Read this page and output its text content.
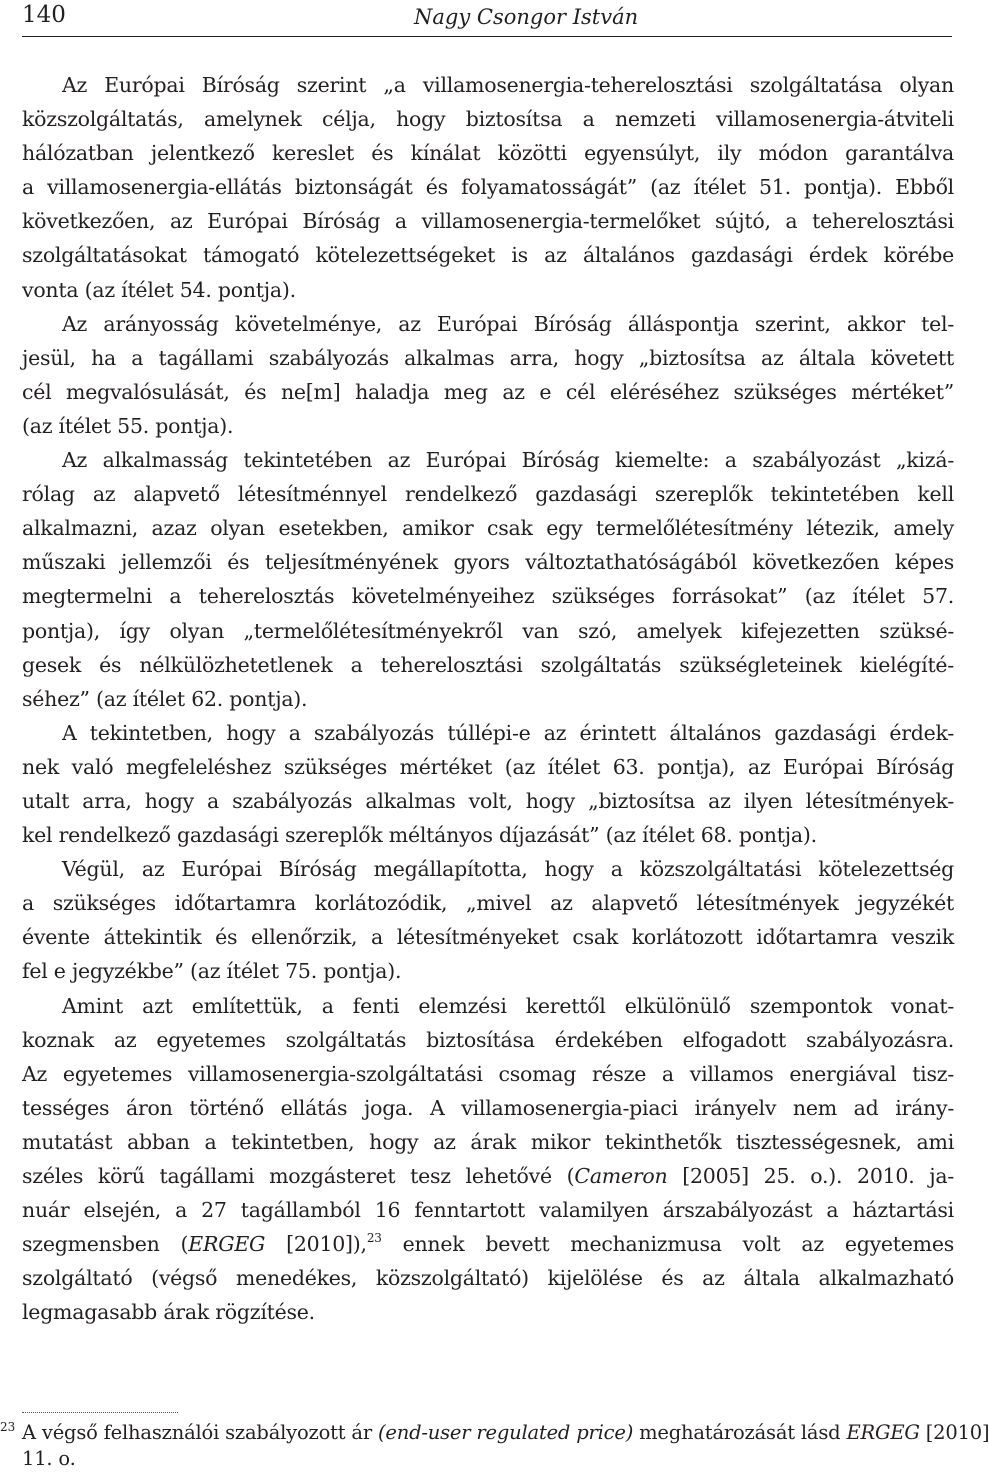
140	Nagy Csongor István
Az Európai Bíróság szerint „a villamosenergia-teherelosztási szolgáltatása olyan
közszolgáltatás, amelynek célja, hogy biztosítsa a nemzeti villamosenergia-átviteli
hálózatban jelentkező kereslet és kínálat közötti egyensúlyt, ily módon garantálva
a villamosenergia-ellátás biztonságát és folyamatosságát” (az ítélet 51. pontja). Ebből
következően, az Európai Bíróság a villamosenergia-termelőket sújtó, a teherelosztási
szolgáltatásokat támogató kötelezettségeket is az általános gazdasági érdek körébe
vonta (az ítélet 54. pontja).
Az arányosság követelménye, az Európai Bíróság álláspontja szerint, akkor tel-
jesül, ha a tagállami szabályozás alkalmas arra, hogy „biztosítsa az általa követett
cél megvalósulását, és ne[m] haladja meg az e cél eléréséhez szükséges mértéket”
(az ítélet 55. pontja).
Az alkalmasság tekintetében az Európai Bíróság kiemelte: a szabályozást „kizá-
rólag az alapvető létesítménnyel rendelkező gazdasági szereplők tekintetében kell
alkalmazni, azaz olyan esetekben, amikor csak egy termelőlétesítmény létezik, amely
műszaki jellemzői és teljesítményének gyors változtathatóságából következően képes
megtermelni a teherelosztás követelményeihez szükséges forrásokat” (az ítélet 57.
pontja), így olyan „termelőlétesítményekről van szó, amelyek kifejezetten szüksé-
gesek és nélkülözhetetlenek a teherelosztási szolgáltatás szükségleteinek kielégíté-
séhez” (az ítélet 62. pontja).
A tekintetben, hogy a szabályozás túllépi-e az érintett általános gazdasági érdek-
nek való megfeleléshez szükséges mértéket (az ítélet 63. pontja), az Európai Bíróság
utalt arra, hogy a szabályozás alkalmas volt, hogy „biztosítsa az ilyen létesítmények-
kel rendelkező gazdasági szereplők méltányos díjazását” (az ítélet 68. pontja).
Végül, az Európai Bíróság megállapította, hogy a közszolgáltatási kötelezettség
a szükséges időtartamra korlátozódik, „mivel az alapvető létesítmények jegyzékét
évente áttekintik és ellenőrzik, a létesítményeket csak korlátozott időtartamra veszik
fel e jegyzékbe” (az ítélet 75. pontja).
Amint azt említettük, a fenti elemzési kerettől elkülönülő szempontok vonat-
koznak az egyetemes szolgáltatás biztosítása érdekében elfogadott szabályozásra.
Az egyetemes villamosenergia-szolgáltatási csomag része a villamos energiával tisz-
tességes áron történő ellátás joga. A villamosenergia-piaci irányelv nem ad irány-
mutatást abban a tekintetben, hogy az árak mikor tekinthetők tisztességesnek, ami
széles körű tagállami mozgásteret tesz lehetővé (Cameron [2005] 25. o.). 2010. ja-
nuár elsején, a 27 tagállamból 16 fenntartott valamilyen árszabályozást a háztartási
szegmensben (ERGEG [2010]),$^{23}$ ennek bevett mechanizmusa volt az egyetemes
szolgáltató (végső menedékes, közszolgáltató) kijelölése és az általa alkalmazható
legmagasabb árak rögzítése.
23 A végső felhasználói szabályozott ár (end-user regulated price) meghatározását lásd ERGEG [2010]
11. o.
